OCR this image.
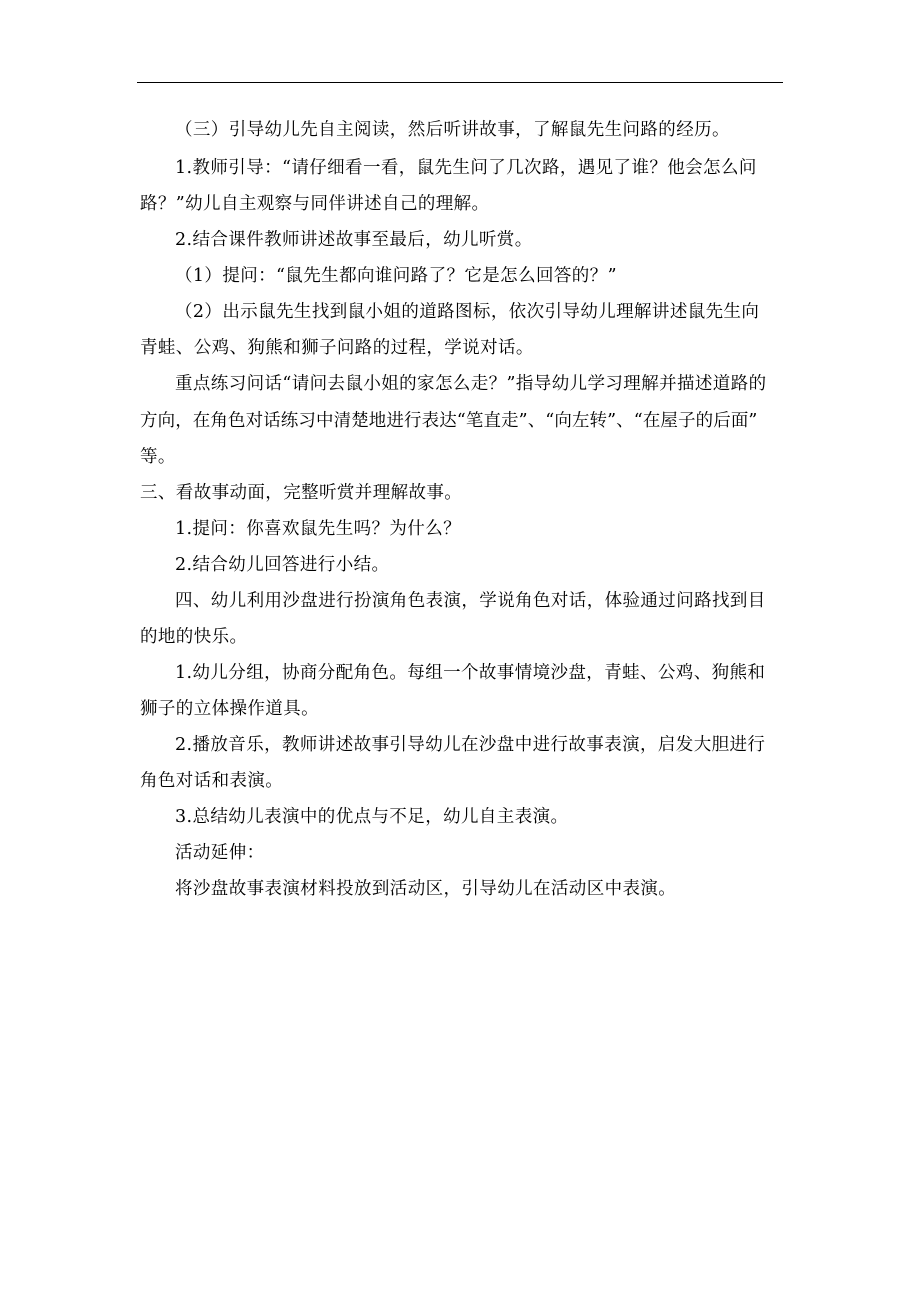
（三）引导幼儿先自主阅读，然后听讲故事，了解鼠先生问路的经历。
1.教师引导：“请仔细看一看，鼠先生问了几次路，遇见了谁？他会怎么问
路？”幼儿自主观察与同伴讲述自己的理解。
2.结合课件教师讲述故事至最后，幼儿听赏。
（1）提问：“鼠先生都向谁问路了？它是怎么回答的？”
（2）出示鼠先生找到鼠小姐的道路图标，依次引导幼儿理解讲述鼠先生向
青蛙、公鸡、狗熊和狮子问路的过程，学说对话。
重点练习问话“请问去鼠小姐的家怎么走？”指导幼儿学习理解并描述道路的
方向，在角色对话练习中清楚地进行表达“笔直走”、“向左转”、“在屋子的后面”
等。
三、看故事动面，完整听赏并理解故事。
1.提问：你喜欢鼠先生吗？为什么？
2.结合幼儿回答进行小结。
四、幼儿利用沙盘进行扮演角色表演，学说角色对话，体验通过问路找到目
的地的快乐。
1.幼儿分组，协商分配角色。每组一个故事情境沙盘，青蛙、公鸡、狗熊和
狮子的立体操作道具。
2.播放音乐，教师讲述故事引导幼儿在沙盘中进行故事表演，启发大胆进行
角色对话和表演。
3.总结幼儿表演中的优点与不足，幼儿自主表演。
活动延伸：
将沙盘故事表演材料投放到活动区，引导幼儿在活动区中表演。
